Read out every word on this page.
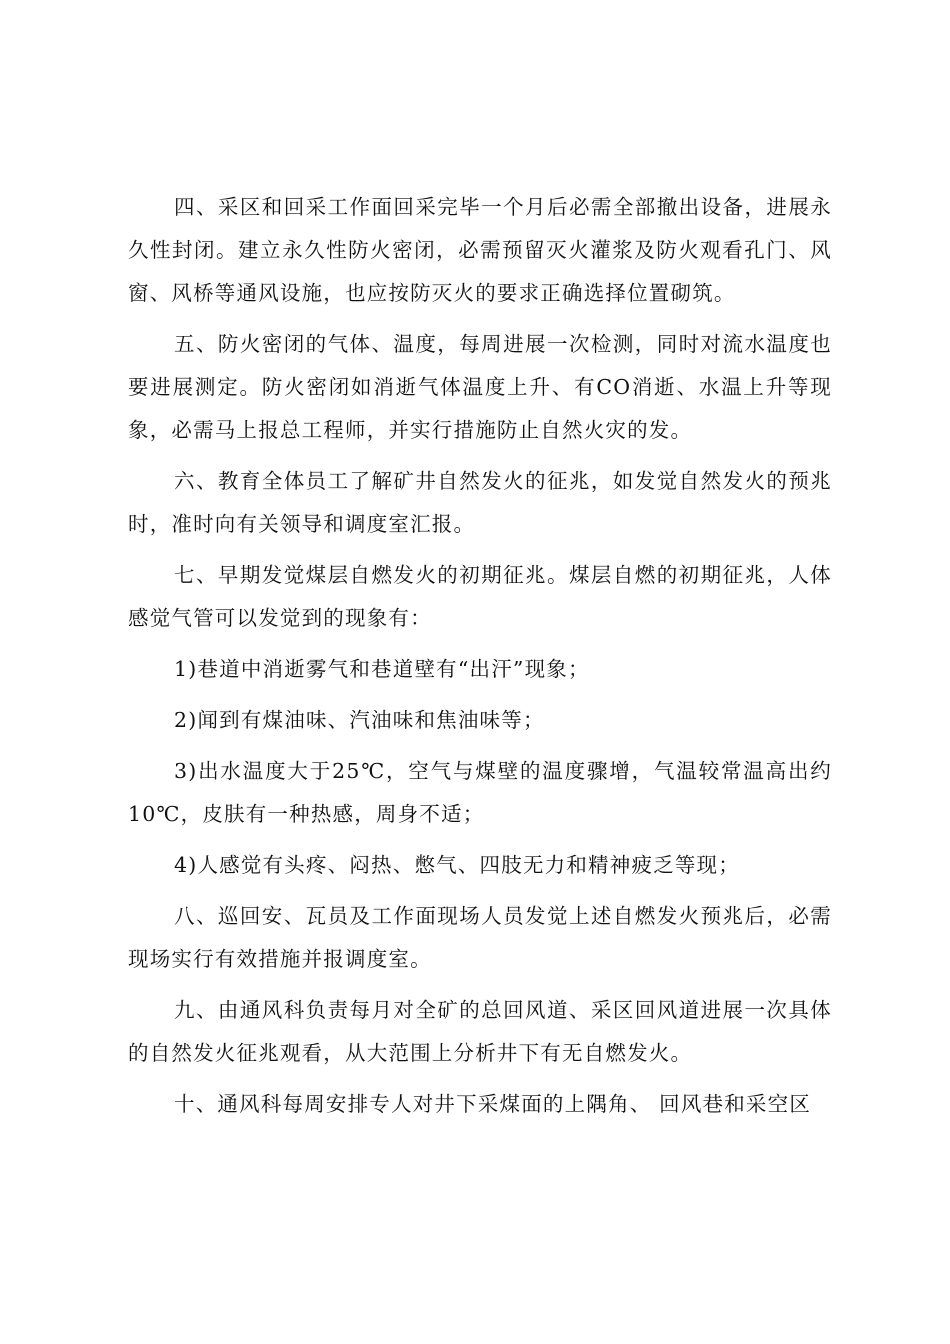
四、采区和回采工作面回采完毕一个月后必需全部撤出设备，进展永久性封闭。建立永久性防火密闭，必需预留灭火灌浆及防火观看孔门、风窗、风桥等通风设施，也应按防灭火的要求正确选择位置砌筑。

五、防火密闭的气体、温度，每周进展一次检测，同时对流水温度也要进展测定。防火密闭如消逝气体温度上升、有CO消逝、水温上升等现象，必需马上报总工程师，并实行措施防止自然火灾的发。

六、教育全体员工了解矿井自然发火的征兆，如发觉自然发火的预兆时，准时向有关领导和调度室汇报。

七、早期发觉煤层自燃发火的初期征兆。煤层自燃的初期征兆，人体感觉气管可以发觉到的现象有：

1)巷道中消逝雾气和巷道壁有“出汗”现象；

2)闻到有煤油味、汽油味和焦油味等；

3)出水温度大于25℃，空气与煤壁的温度骤增，气温较常温高出约10℃，皮肤有一种热感，周身不适；

4)人感觉有头疼、闷热、憋气、四肢无力和精神疲乏等现；

八、巡回安、瓦员及工作面现场人员发觉上述自燃发火预兆后，必需现场实行有效措施并报调度室。

九、由通风科负责每月对全矿的总回风道、采区回风道进展一次具体的自然发火征兆观看，从大范围上分析井下有无自燃发火。

十、通风科每周安排专人对井下采煤面的上隅角、 回风巷和采空区
